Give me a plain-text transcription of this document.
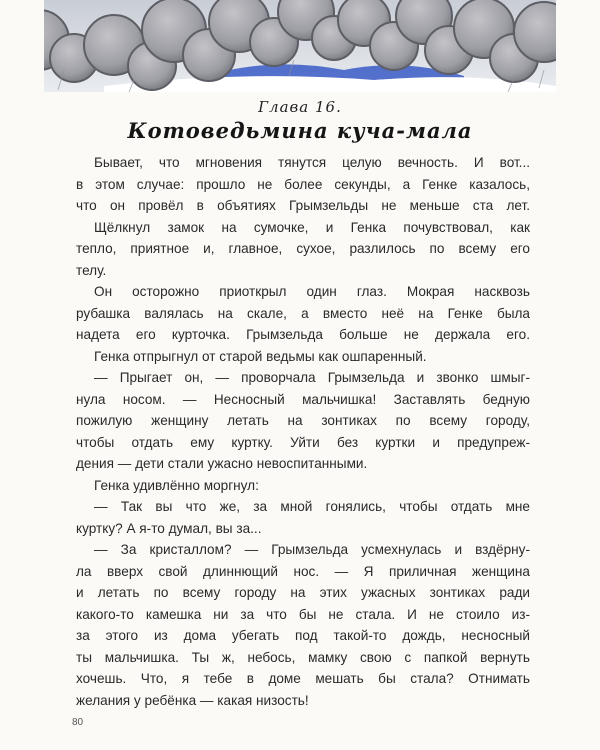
Глава 16.
Котоведьмина куча-мала
Бывает, что мгновения тянутся целую вечность. И вот...
в этом случае: прошло не более секунды, а Генке казалось,
что он провёл в объятиях Грымзельды не меньше ста лет.
Щёлкнул замок на сумочке, и Генка почувствовал, как
тепло, приятное и, главное, сухое, разлилось по всему его
телу.
Он осторожно приоткрыл один глаз. Мокрая насквозь
рубашка валялась на скале, а вместо неё на Генке была
надета его курточка. Грымзельда больше не держала его.
Генка отпрыгнул от старой ведьмы как ошпаренный.
— Прыгает он, — проворчала Грымзельда и звонко шмыг-
нула носом. — Несносный мальчишка! Заставлять бедную
пожилую женщину летать на зонтиках по всему городу,
чтобы отдать ему куртку. Уйти без куртки и предупреж-
дения — дети стали ужасно невоспитанными.
Генка удивлённо моргнул:
— Так вы что же, за мной гонялись, чтобы отдать мне
куртку? А я-то думал, вы за...
— За кристаллом? — Грымзельда усмехнулась и вздёрну-
ла вверх свой длиннющий нос. — Я приличная женщина
и летать по всему городу на этих ужасных зонтиках ради
какого-то камешка ни за что бы не стала. И не стоило из-
за этого из дома убегать под такой-то дождь, несносный
ты мальчишка. Ты ж, небось, мамку свою с папкой вернуть
хочешь. Что, я тебе в доме мешать бы стала? Отнимать
желания у ребёнка — какая низость!
80
